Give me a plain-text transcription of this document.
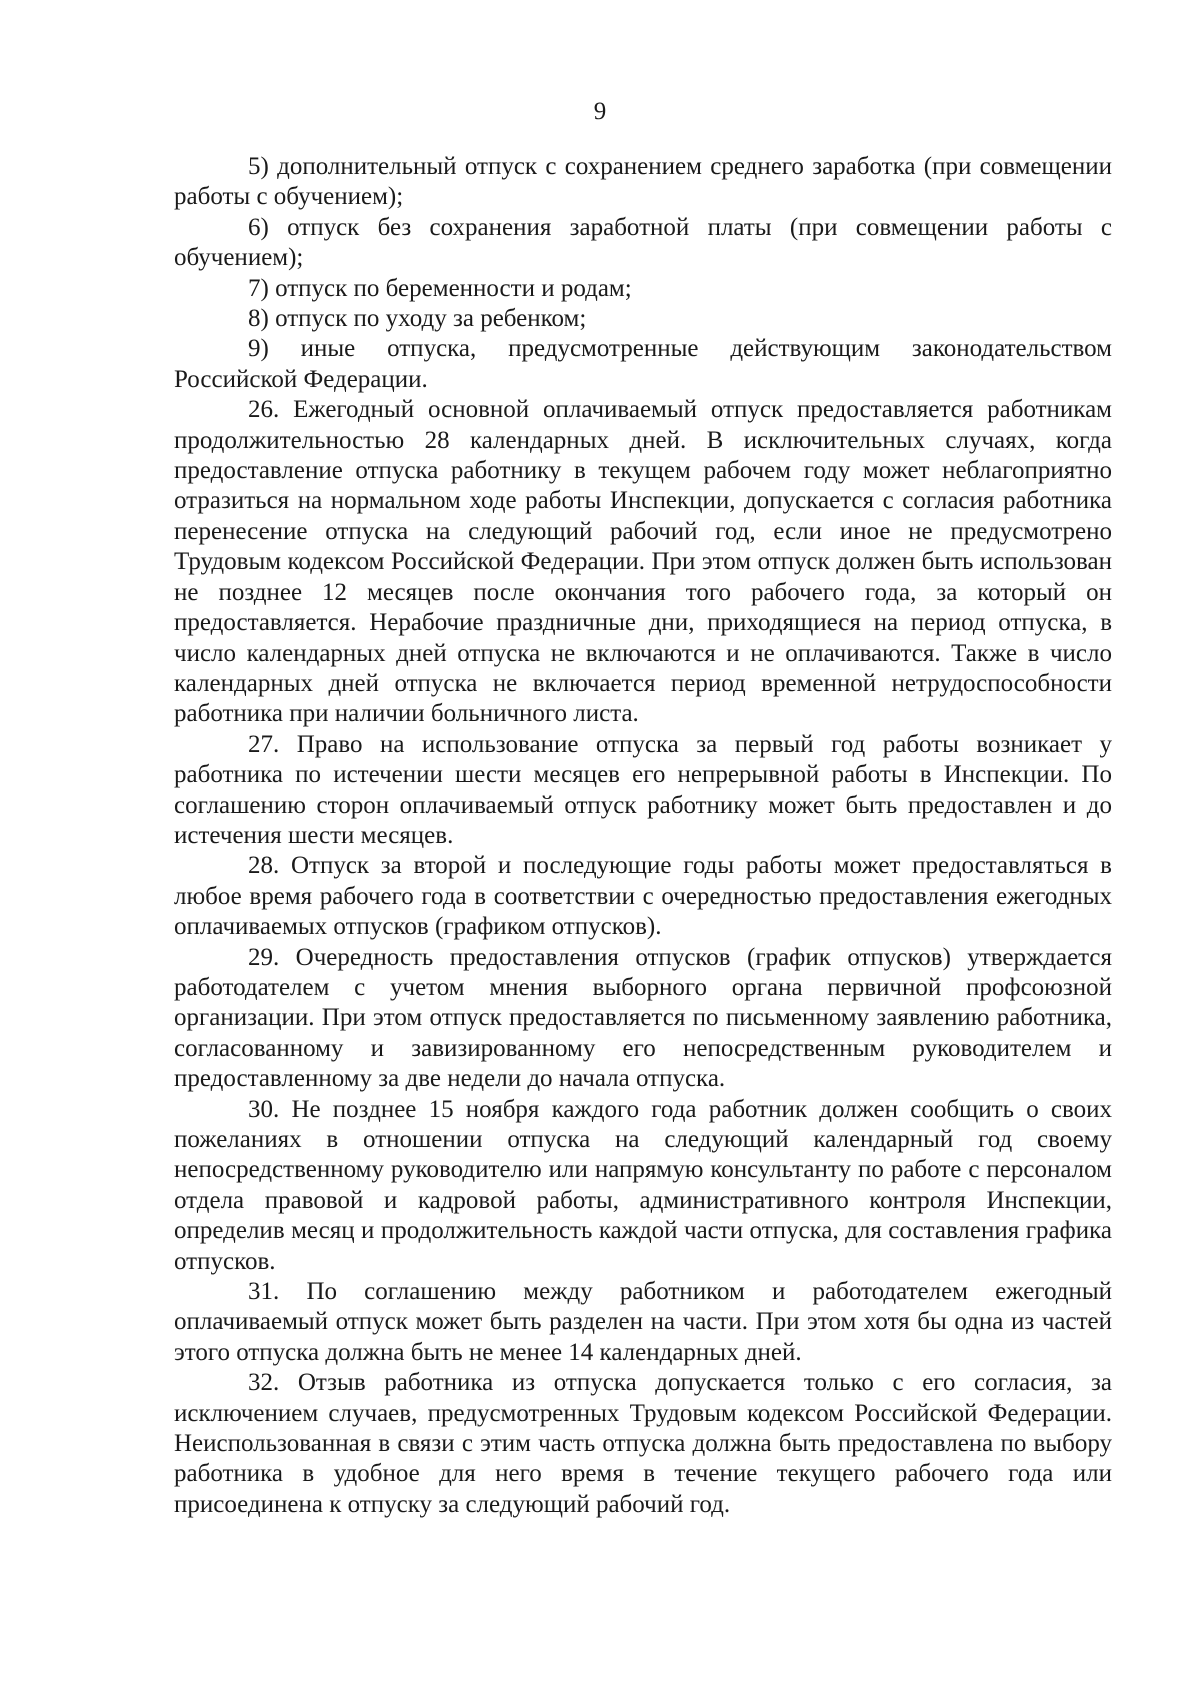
9

5) дополнительный отпуск с сохранением среднего заработка (при совмещении работы с обучением);

6) отпуск без сохранения заработной платы (при совмещении работы с обучением);

7) отпуск по беременности и родам;

8) отпуск по уходу за ребенком;

9) иные отпуска, предусмотренные действующим законодательством Российской Федерации.

26. Ежегодный основной оплачиваемый отпуск предоставляется работникам продолжительностью 28 календарных дней. В исключительных случаях, когда предоставление отпуска работнику в текущем рабочем году может неблагоприятно отразиться на нормальном ходе работы Инспекции, допускается с согласия работника перенесение отпуска на следующий рабочий год, если иное не предусмотрено Трудовым кодексом Российской Федерации. При этом отпуск должен быть использован не позднее 12 месяцев после окончания того рабочего года, за который он предоставляется. Нерабочие праздничные дни, приходящиеся на период отпуска, в число календарных дней отпуска не включаются и не оплачиваются. Также в число календарных дней отпуска не включается период временной нетрудоспособности работника при наличии больничного листа.

27. Право на использование отпуска за первый год работы возникает у работника по истечении шести месяцев его непрерывной работы в Инспекции. По соглашению сторон оплачиваемый отпуск работнику может быть предоставлен и до истечения шести месяцев.

28. Отпуск за второй и последующие годы работы может предоставляться в любое время рабочего года в соответствии с очередностью предоставления ежегодных оплачиваемых отпусков (графиком отпусков).

29. Очередность предоставления отпусков (график отпусков) утверждается работодателем с учетом мнения выборного органа первичной профсоюзной организации. При этом отпуск предоставляется по письменному заявлению работника, согласованному и завизированному его непосредственным руководителем и предоставленному за две недели до начала отпуска.

30. Не позднее 15 ноября каждого года работник должен сообщить о своих пожеланиях в отношении отпуска на следующий календарный год своему непосредственному руководителю или напрямую консультанту по работе с персоналом отдела правовой и кадровой работы, административного контроля Инспекции, определив месяц и продолжительность каждой части отпуска, для составления графика отпусков.

31. По соглашению между работником и работодателем ежегодный оплачиваемый отпуск может быть разделен на части. При этом хотя бы одна из частей этого отпуска должна быть не менее 14 календарных дней.

32. Отзыв работника из отпуска допускается только с его согласия, за исключением случаев, предусмотренных Трудовым кодексом Российской Федерации. Неиспользованная в связи с этим часть отпуска должна быть предоставлена по выбору работника в удобное для него время в течение текущего рабочего года или присоединена к отпуску за следующий рабочий год.
